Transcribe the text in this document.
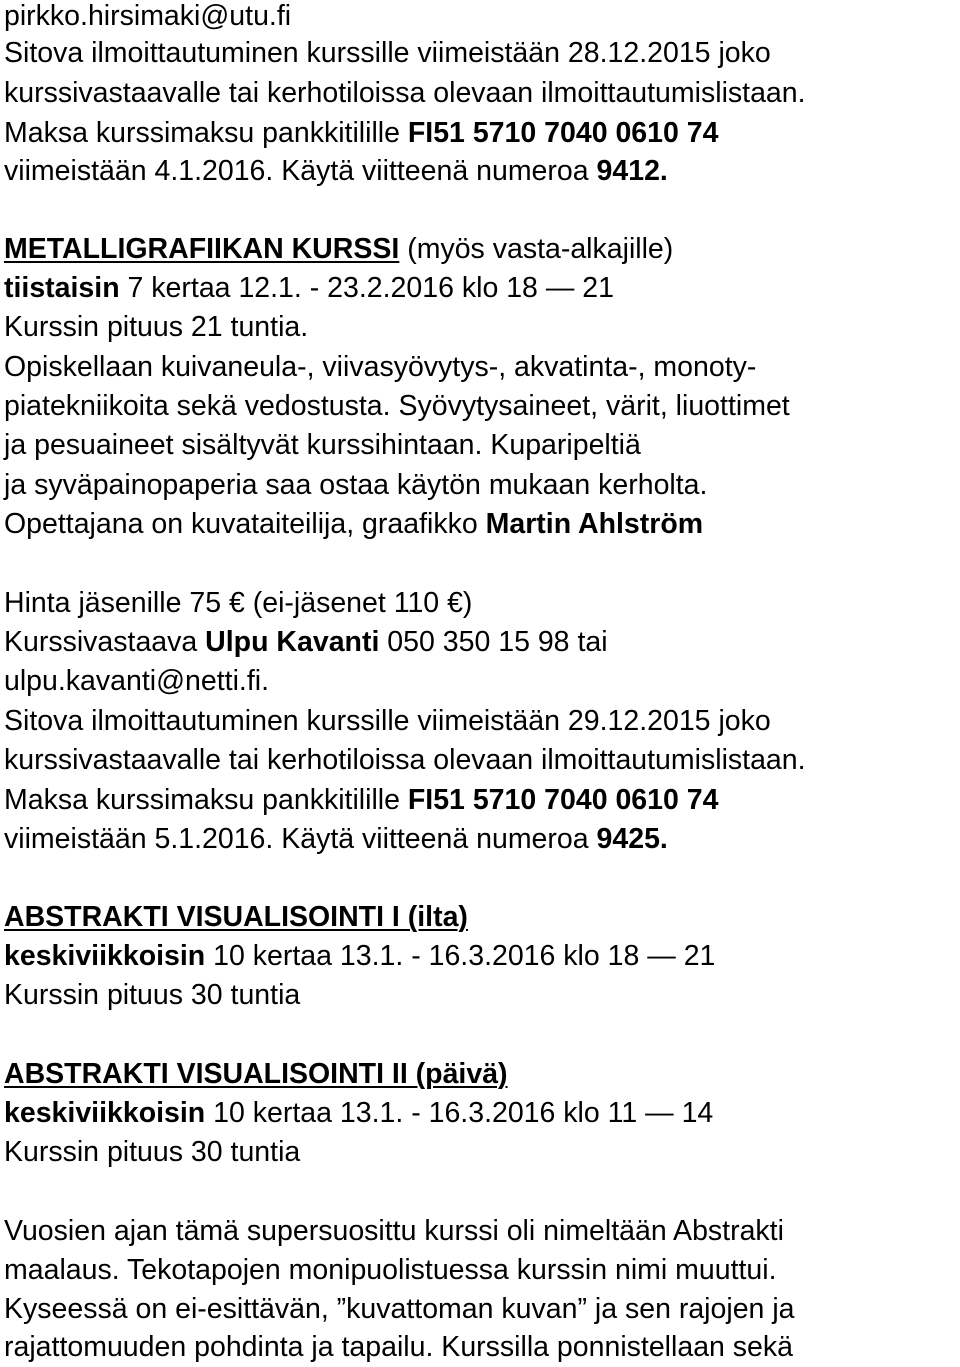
pirkko.hirsimaki@utu.fi

Sitova ilmoittautuminen kurssille viimeistään 28.12.2015 joko

kurssivastaavalle tai kerhotiloissa olevaan ilmoittautumislistaan.

Maksa kurssimaksu pankkitilille FI51 5710 7040 0610 74

viimeistään 4.1.2016. Käytä viitteenä numeroa 9412.

METALLIGRAFIIKAN KURSSI (myös vasta-alkajille)

tiistaisin 7 kertaa 12.1. - 23.2.2016 klo 18 — 21

Kurssin pituus 21 tuntia.

Opiskellaan kuivaneula-, viivasyövytys-, akvatinta-, monoty-

piatekniikoita sekä vedostusta. Syövytysaineet, värit, liuottimet

ja pesuaineet sisältyvät kurssihintaan. Kuparipeltiä

ja syväpainopaperia saa ostaa käytön mukaan kerholta.

Opettajana on kuvataiteilija, graafikko Martin Ahlström

Hinta jäsenille 75 € (ei-jäsenet 110 €)

Kurssivastaava Ulpu Kavanti 050 350 15 98 tai

ulpu.kavanti@netti.fi.

Sitova ilmoittautuminen kurssille viimeistään 29.12.2015 joko

kurssivastaavalle tai kerhotiloissa olevaan ilmoittautumislistaan.

Maksa kurssimaksu pankkitilille FI51 5710 7040 0610 74

viimeistään 5.1.2016. Käytä viitteenä numeroa 9425.

ABSTRAKTI VISUALISOINTI I (ilta)

keskiviikkoisin 10 kertaa 13.1. - 16.3.2016 klo 18 — 21

Kurssin pituus 30 tuntia

ABSTRAKTI VISUALISOINTI II (päivä)

keskiviikkoisin 10 kertaa 13.1. - 16.3.2016 klo 11 — 14

Kurssin pituus 30 tuntia

Vuosien ajan tämä supersuosittu kurssi oli nimeltään Abstrakti

maalaus. Tekotapojen monipuolistuessa kurssin nimi muuttui.

Kyseessä on ei-esittävän, ”kuvattoman kuvan” ja sen rajojen ja

rajattomuuden pohdinta ja tapailu. Kurssilla ponnistellaan sekä
